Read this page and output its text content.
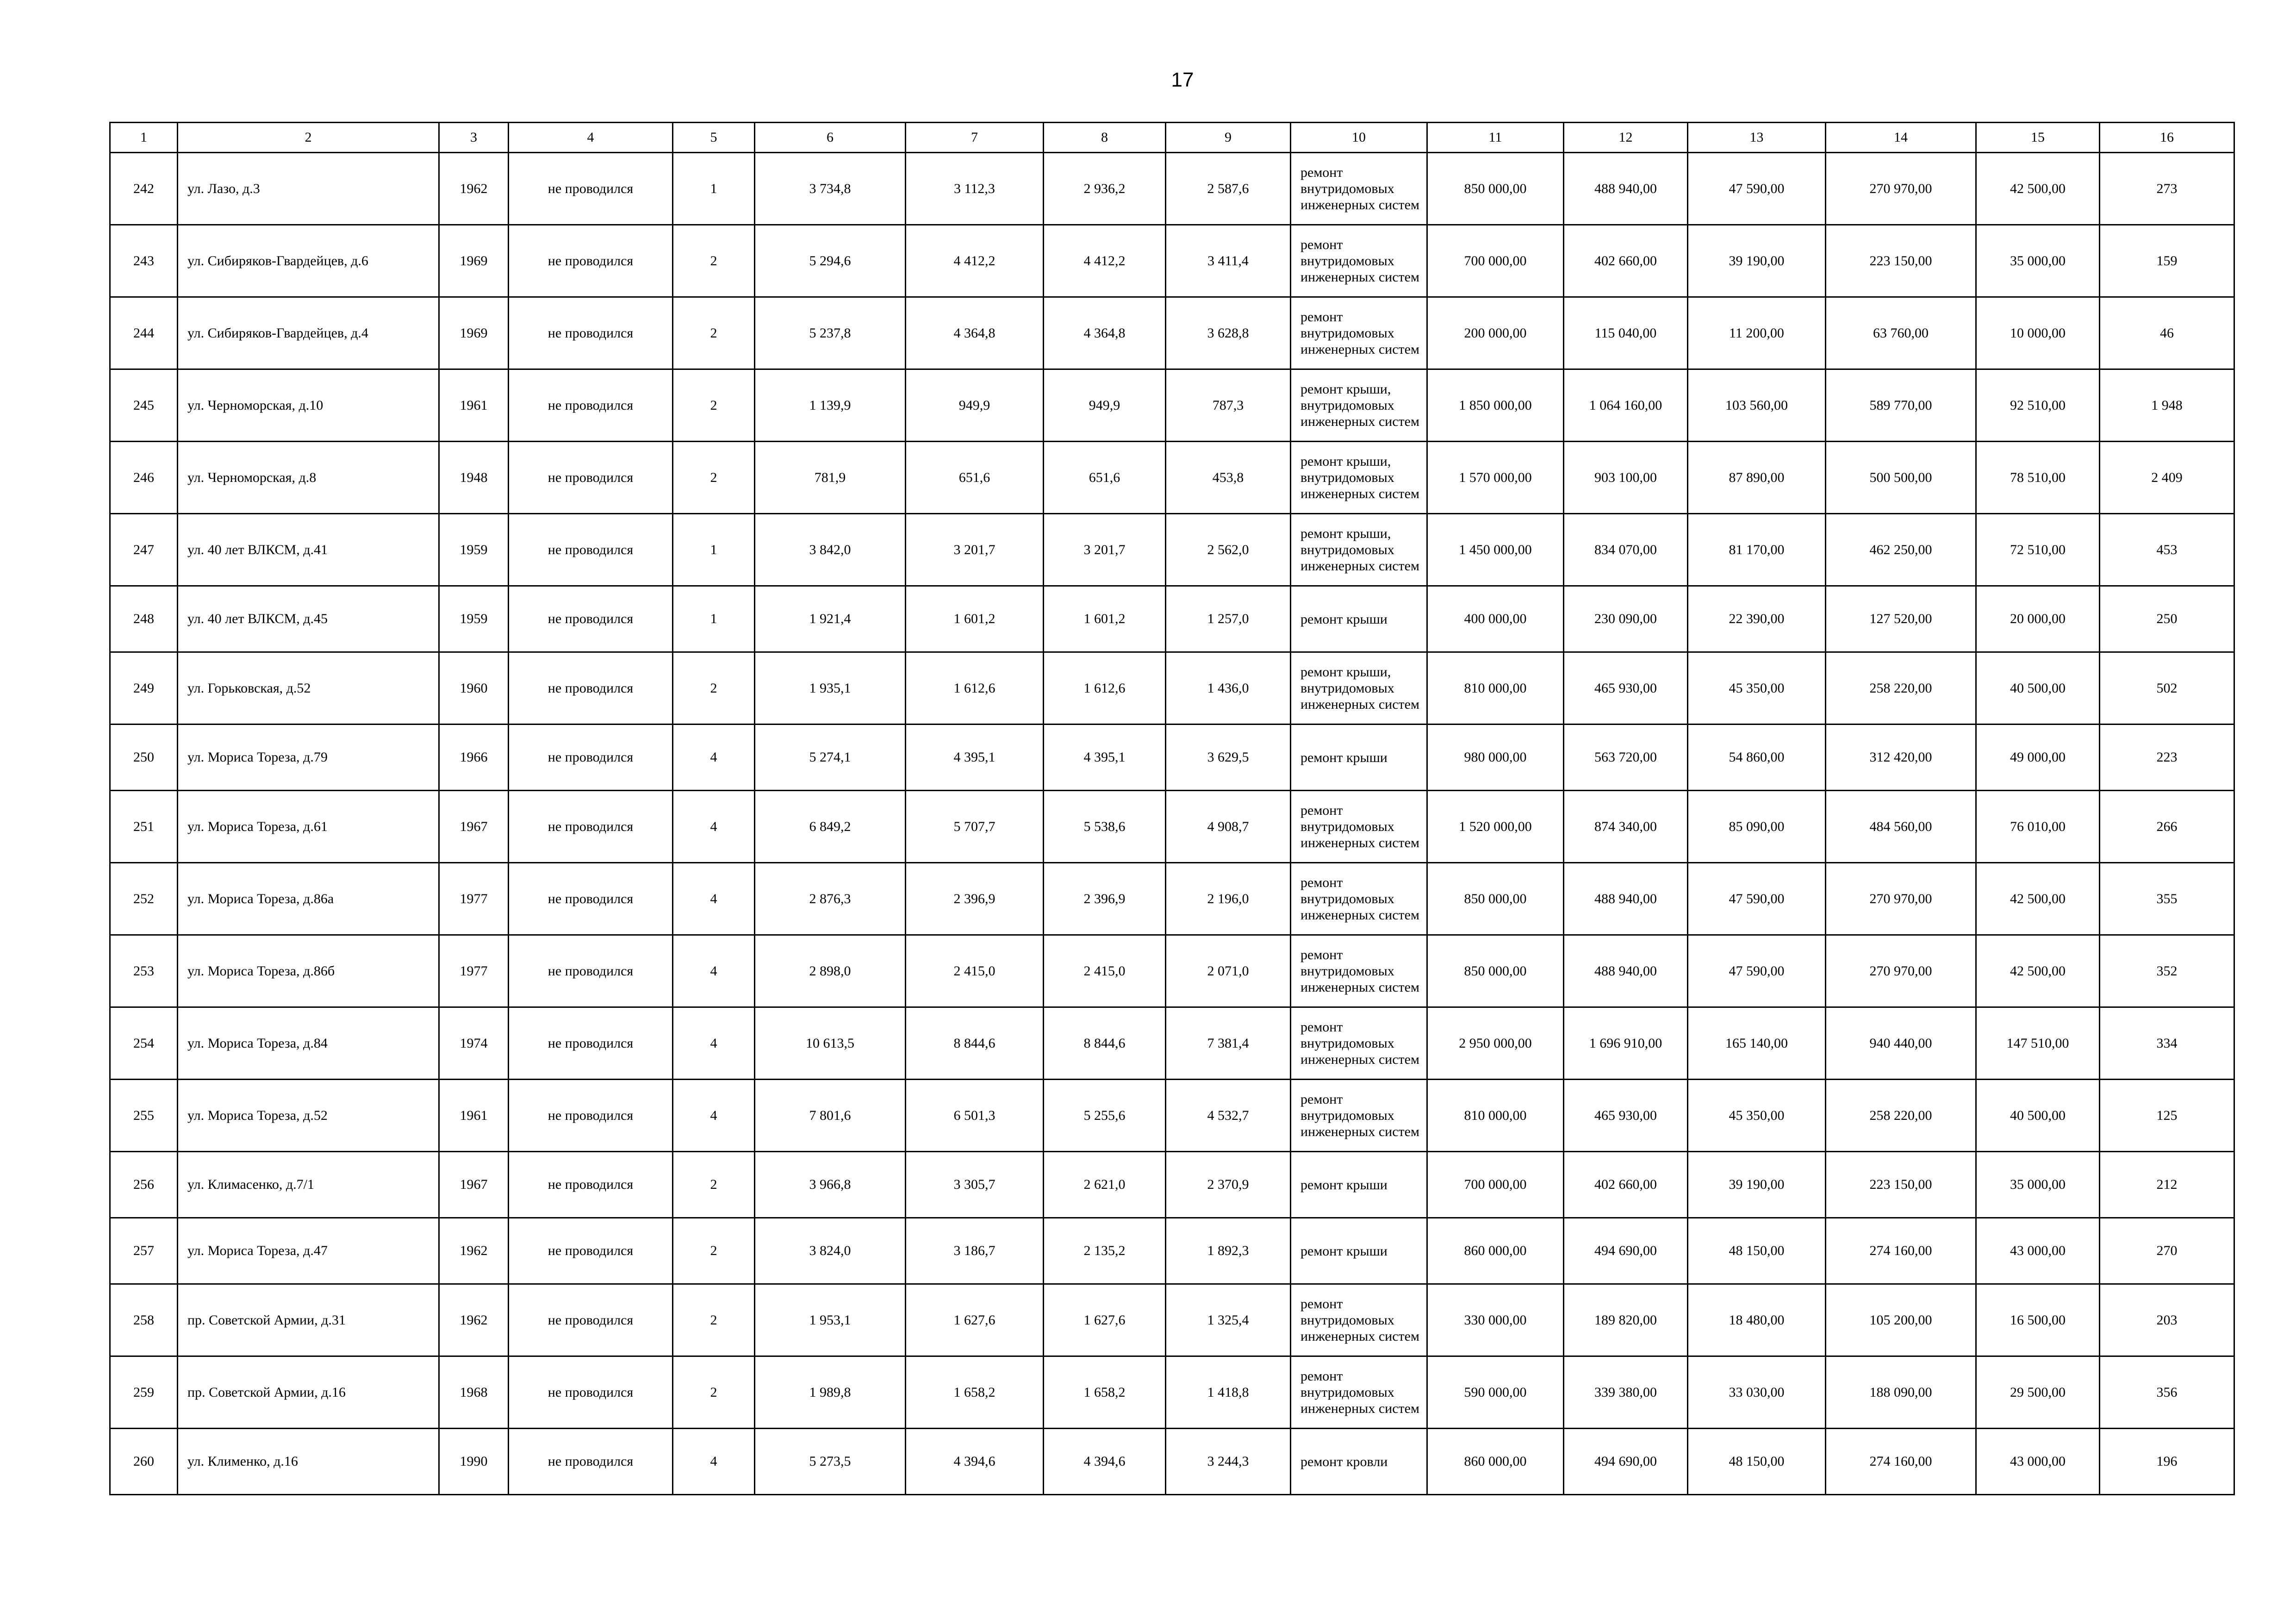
17
1	2	3	4	5	6	7	8	9	10	11	12	13	14	15	16
242	ул. Лазо, д.3	1962	не проводился	1	3 734,8	3 112,3	2 936,2	2 587,6	ремонт внутридомовых инженерных систем	850 000,00	488 940,00	47 590,00	270 970,00	42 500,00	273
243	ул. Сибиряков-Гвардейцев, д.6	1969	не проводился	2	5 294,6	4 412,2	4 412,2	3 411,4	ремонт внутридомовых инженерных систем	700 000,00	402 660,00	39 190,00	223 150,00	35 000,00	159
244	ул. Сибиряков-Гвардейцев, д.4	1969	не проводился	2	5 237,8	4 364,8	4 364,8	3 628,8	ремонт внутридомовых инженерных систем	200 000,00	115 040,00	11 200,00	63 760,00	10 000,00	46
245	ул. Черноморская, д.10	1961	не проводился	2	1 139,9	949,9	949,9	787,3	ремонт крыши, внутридомовых инженерных систем	1 850 000,00	1 064 160,00	103 560,00	589 770,00	92 510,00	1 948
246	ул. Черноморская, д.8	1948	не проводился	2	781,9	651,6	651,6	453,8	ремонт крыши, внутридомовых инженерных систем	1 570 000,00	903 100,00	87 890,00	500 500,00	78 510,00	2 409
247	ул. 40 лет ВЛКСМ, д.41	1959	не проводился	1	3 842,0	3 201,7	3 201,7	2 562,0	ремонт крыши, внутридомовых инженерных систем	1 450 000,00	834 070,00	81 170,00	462 250,00	72 510,00	453
248	ул. 40 лет ВЛКСМ, д.45	1959	не проводился	1	1 921,4	1 601,2	1 601,2	1 257,0	ремонт крыши	400 000,00	230 090,00	22 390,00	127 520,00	20 000,00	250
249	ул. Горьковская, д.52	1960	не проводился	2	1 935,1	1 612,6	1 612,6	1 436,0	ремонт крыши, внутридомовых инженерных систем	810 000,00	465 930,00	45 350,00	258 220,00	40 500,00	502
250	ул. Мориса Тореза, д.79	1966	не проводился	4	5 274,1	4 395,1	4 395,1	3 629,5	ремонт крыши	980 000,00	563 720,00	54 860,00	312 420,00	49 000,00	223
251	ул. Мориса Тореза, д.61	1967	не проводился	4	6 849,2	5 707,7	5 538,6	4 908,7	ремонт внутридомовых инженерных систем	1 520 000,00	874 340,00	85 090,00	484 560,00	76 010,00	266
252	ул. Мориса Тореза, д.86а	1977	не проводился	4	2 876,3	2 396,9	2 396,9	2 196,0	ремонт внутридомовых инженерных систем	850 000,00	488 940,00	47 590,00	270 970,00	42 500,00	355
253	ул. Мориса Тореза, д.86б	1977	не проводился	4	2 898,0	2 415,0	2 415,0	2 071,0	ремонт внутридомовых инженерных систем	850 000,00	488 940,00	47 590,00	270 970,00	42 500,00	352
254	ул. Мориса Тореза, д.84	1974	не проводился	4	10 613,5	8 844,6	8 844,6	7 381,4	ремонт внутридомовых инженерных систем	2 950 000,00	1 696 910,00	165 140,00	940 440,00	147 510,00	334
255	ул. Мориса Тореза, д.52	1961	не проводился	4	7 801,6	6 501,3	5 255,6	4 532,7	ремонт внутридомовых инженерных систем	810 000,00	465 930,00	45 350,00	258 220,00	40 500,00	125
256	ул. Климасенко, д.7/1	1967	не проводился	2	3 966,8	3 305,7	2 621,0	2 370,9	ремонт крыши	700 000,00	402 660,00	39 190,00	223 150,00	35 000,00	212
257	ул. Мориса Тореза, д.47	1962	не проводился	2	3 824,0	3 186,7	2 135,2	1 892,3	ремонт крыши	860 000,00	494 690,00	48 150,00	274 160,00	43 000,00	270
258	пр. Советской Армии, д.31	1962	не проводился	2	1 953,1	1 627,6	1 627,6	1 325,4	ремонт внутридомовых инженерных систем	330 000,00	189 820,00	18 480,00	105 200,00	16 500,00	203
259	пр. Советской Армии, д.16	1968	не проводился	2	1 989,8	1 658,2	1 658,2	1 418,8	ремонт внутридомовых инженерных систем	590 000,00	339 380,00	33 030,00	188 090,00	29 500,00	356
260	ул. Клименко, д.16	1990	не проводился	4	5 273,5	4 394,6	4 394,6	3 244,3	ремонт кровли	860 000,00	494 690,00	48 150,00	274 160,00	43 000,00	196
